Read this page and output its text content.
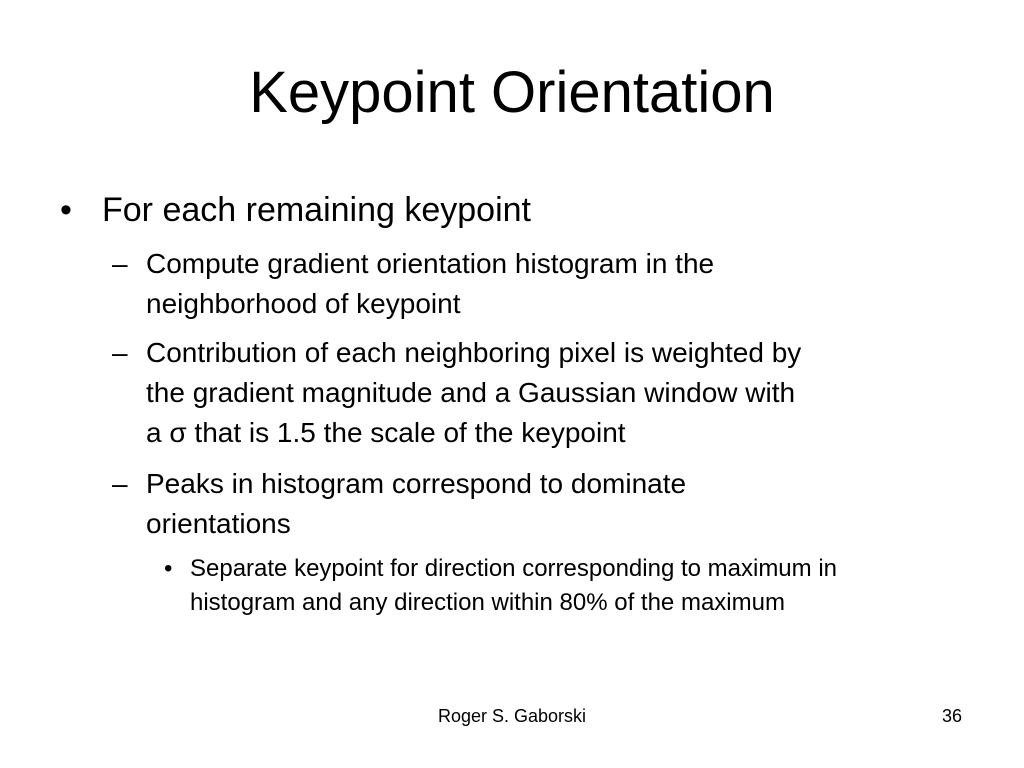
Keypoint Orientation
• For each remaining keypoint
– Compute gradient orientation histogram in the
neighborhood of keypoint
– Contribution of each neighboring pixel is weighted by
the gradient magnitude and a Gaussian window with
a σ that is 1.5 the scale of the keypoint
– Peaks in histogram correspond to dominate
orientations
• Separate keypoint for direction corresponding to maximum in
histogram and any direction within 80% of the maximum
Roger S. Gaborski	36
